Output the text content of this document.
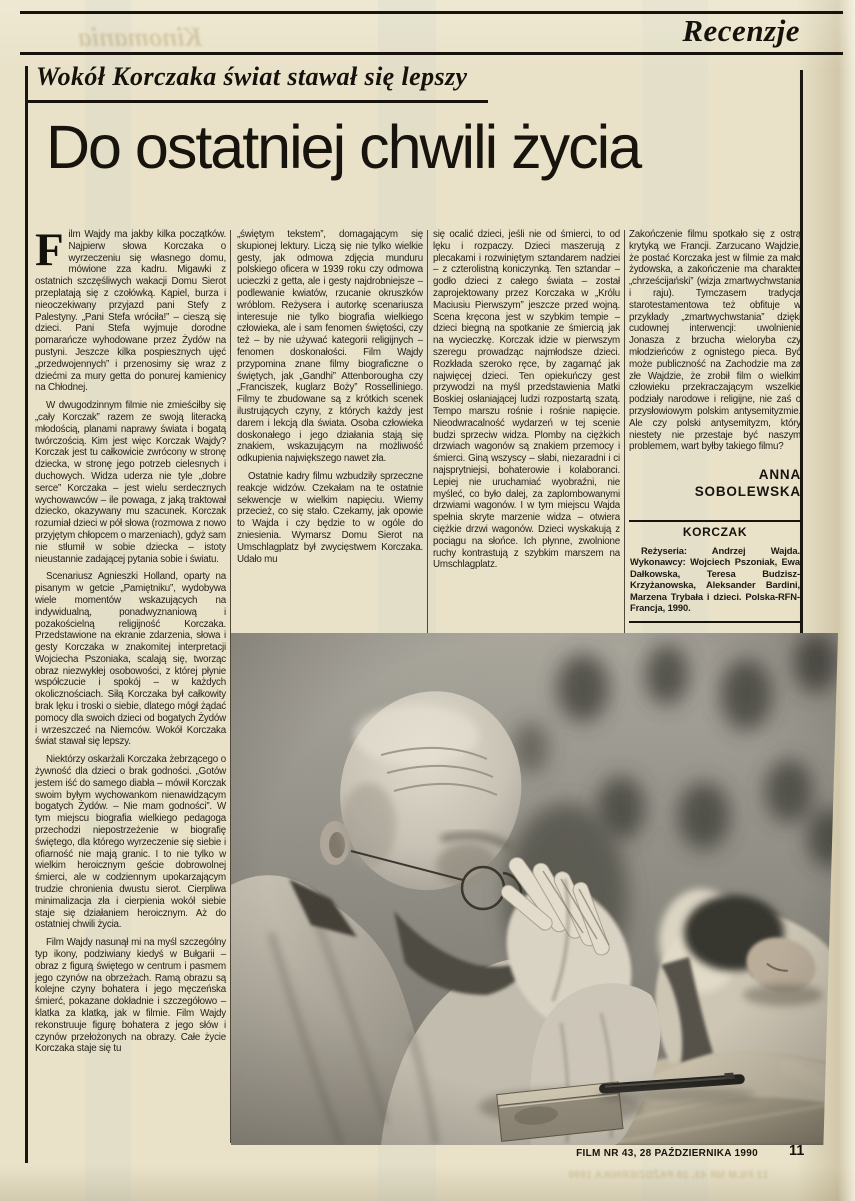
Kinomania	Recenzje
Wokół Korczaka świat stawał się lepszy
Do ostatniej chwili życia

Film Wajdy ma jakby kilka początków. Najpierw słowa Korczaka o wyrzeczeniu się własnego domu, mówione zza kadru. Migawki z ostatnich szczęśliwych wakacji Domu Sierot przeplatają się z czołówką. Kąpiel, burza i nieoczekiwany przyjazd pani Stefy z Palestyny. „Pani Stefa wróciła!” – cieszą się dzieci. Pani Stefa wyjmuje dorodne pomarańcze wyhodowane przez Żydów na pustyni. Jeszcze kilka pospiesznych ujęć „przedwojennych” i przenosimy się wraz z dziećmi za mury getta do ponurej kamienicy na Chłodnej.

W dwugodzinnym filmie nie zmieściłby się „cały Korczak” razem ze swoją literacką młodością, planami naprawy świata i bogatą twórczością. Kim jest więc Korczak Wajdy? Korczak jest tu całkowicie zwrócony w stronę dziecka, w stronę jego potrzeb cielesnych i duchowych. Widza uderza nie tyle „dobre serce” Korczaka – jest wielu serdecznych wychowawców – ile powaga, z jaką traktował dziecko, okazywany mu szacunek. Korczak rozumiał dzieci w pół słowa (rozmowa z nowo przyjętym chłopcem o marzeniach), gdyż sam nie stłumił w sobie dziecka – istoty nieustannie zadającej pytania sobie i światu.

Scenariusz Agnieszki Holland, oparty na pisanym w getcie „Pamiętniku”, wydobywa wiele momentów wskazujących na indywidualną, ponadwyznaniową i pozakościelną religijność Korczaka. Przedstawione na ekranie zdarzenia, słowa i gesty Korczaka w znakomitej interpretacji Wojciecha Pszoniaka, scalają się, tworząc obraz niezwykłej osobowości, z której płynie współczucie i spokój – w każdych okolicznościach. Siłą Korczaka był całkowity brak lęku i troski o siebie, dlatego mógł żądać pomocy dla swoich dzieci od bogatych Żydów i wrzeszczeć na Niemców. Wokół Korczaka świat stawał się lepszy.

Niektórzy oskarżali Korczaka żebrzącego o żywność dla dzieci o brak godności. „Gotów jestem iść do samego diabła – mówił Korczak swoim byłym wychowankom nienawidzącym bogatych Żydów. – Nie mam godności”. W tym miejscu biografia wielkiego pedagoga przechodzi niepostrzeżenie w biografię świętego, dla którego wyrzeczenie się siebie i ofiarność nie mają granic. I to nie tylko w wielkim heroicznym geście dobrowolnej śmierci, ale w codziennym upokarzającym trudzie chronienia dwustu sierot. Cierpliwa minimalizacja zła i cierpienia wokół siebie staje się działaniem heroicznym. Aż do ostatniej chwili życia.

Film Wajdy nasunął mi na myśl szczególny typ ikony, podziwiany kiedyś w Bułgarii – obraz z figurą świętego w centrum i pasmem jego czynów na obrzeżach. Ramą obrazu są kolejne czyny bohatera i jego męczeńska śmierć, pokazane dokładnie i szczegółowo – klatka za klatką, jak w filmie. Film Wajdy rekonstruuje figurę bohatera z jego słów i czynów przełożonych na obrazy. Całe życie Korczaka staje się tu

„świętym tekstem”, domagającym się skupionej lektury. Liczą się nie tylko wielkie gesty, jak odmowa zdjęcia munduru polskiego oficera w 1939 roku czy odmowa ucieczki z getta, ale i gesty najdrobniejsze – podlewanie kwiatów, rzucanie okruszków wróblom. Reżysera i autorkę scenariusza interesuje nie tylko biografia wielkiego człowieka, ale i sam fenomen świętości, czy też – by nie używać kategorii religijnych – fenomen doskonałości. Film Wajdy przypomina znane filmy biograficzne o świętych, jak „Gandhi” Attenborougha czy „Franciszek, kuglarz Boży” Rosselliniego. Filmy te zbudowane są z krótkich scenek ilustrujących czyny, z których każdy jest darem i lekcją dla świata. Osoba człowieka doskonałego i jego działania stają się znakiem, wskazującym na możliwość odkupienia największego nawet zła.

Ostatnie kadry filmu wzbudziły sprzeczne reakcje widzów. Czekałam na te ostatnie sekwencje w wielkim napięciu. Wiemy przecież, co się stało. Czekamy, jak opowie to Wajda i czy będzie to w ogóle do zniesienia. Wymarsz Domu Sierot na Umschlagplatz był zwycięstwem Korczaka. Udało mu

się ocalić dzieci, jeśli nie od śmierci, to od lęku i rozpaczy. Dzieci maszerują z plecakami i rozwiniętym sztandarem nadziei – z czterolistną koniczynką. Ten sztandar – godło dzieci z całego świata – został zaprojektowany przez Korczaka w „Królu Maciusiu Pierwszym” jeszcze przed wojną. Scena kręcona jest w szybkim tempie – dzieci biegną na spotkanie ze śmiercią jak na wycieczkę. Korczak idzie w pierwszym szeregu prowadząc najmłodsze dzieci. Rozkłada szeroko ręce, by zagarnąć jak najwięcej dzieci. Ten opiekuńczy gest przywodzi na myśl przedstawienia Matki Boskiej osłaniającej ludzi rozpostartą szatą. Tempo marszu rośnie i rośnie napięcie. Nieodwracalność wydarzeń w tej scenie budzi sprzeciw widza. Plomby na ciężkich drzwiach wagonów są znakiem przemocy i śmierci. Giną wszyscy – słabi, niezaradni i ci najsprytniejsi, bohaterowie i kolaboranci. Lepiej nie uruchamiać wyobraźni, nie myśleć, co było dalej, za zaplombowanymi drzwiami wagonów. I w tym miejscu Wajda spełnia skryte marzenie widza – otwiera ciężkie drzwi wagonów. Dzieci wyskakują z pociągu na słońce. Ich płynne, zwolnione ruchy kontrastują z szybkim marszem na Umschlagplatz.

Zakończenie filmu spotkało się z ostrą krytyką we Francji. Zarzucano Wajdzie, że postać Korczaka jest w filmie za mało żydowska, a zakończenie ma charakter „chrześcijański” (wizja zmartwychwstania i raju). Tymczasem tradycja starotestamentowa też obfituje w przykłady „zmartwychwstania” dzięki cudownej interwencji: uwolnienie Jonasza z brzucha wieloryba czy młodzieńców z ognistego pieca. Być może publiczność na Zachodzie ma za złe Wajdzie, że zrobił film o wielkim człowieku przekraczającym wszelkie podziały narodowe i religijne, nie zaś o przysłowiowym polskim antysemityzmie. Ale czy polski antysemityzm, który niestety nie przestaje być naszym problemem, wart byłby takiego filmu?

ANNA
SOBOLEWSKA

KORCZAK

Reżyseria: Andrzej Wajda. Wykonawcy: Wojciech Pszoniak, Ewa Dałkowska, Teresa Budzisz-Krzyżanowska, Aleksander Bardini, Marzena Trybała i dzieci. Polska-RFN-Francja, 1990.

FILM NR 43, 28 PAŹDZIERNIKA 1990 11
12 FILM NR 43, 28 PAŹDZIERNIKA 1990
